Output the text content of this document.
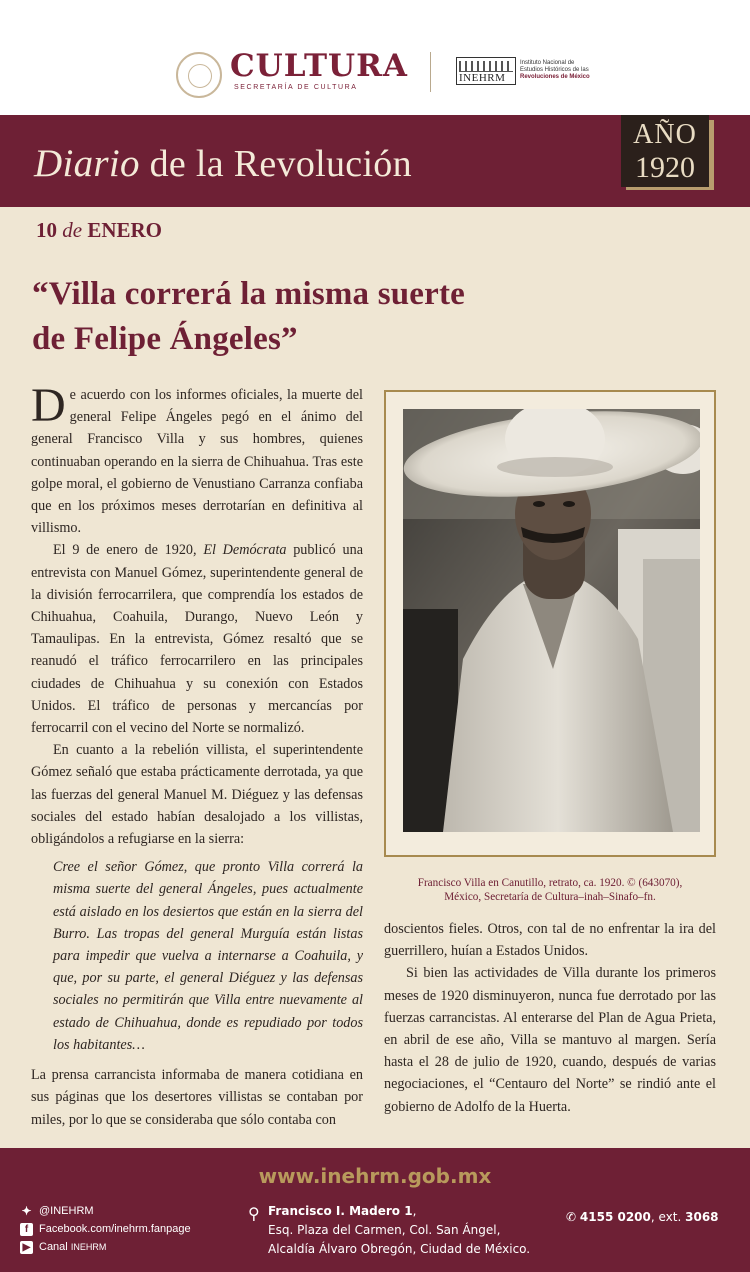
CULTURA
SECRETARÍA DE CULTURA
INEHRM
Instituto Nacional de
Estudios Históricos de las
Revoluciones de México
Diario de la Revolución
AÑO
1920
10 de ENERO
“Villa correrá la misma suerte
de Felipe Ángeles”

De acuerdo con los informes oficiales, la muerte del general Felipe Ángeles pegó en el ánimo del general Francisco Villa y sus hombres, quienes continuaban operando en la sierra de Chihuahua. Tras este golpe moral, el gobierno de Venustiano Carranza confiaba que en los próximos meses derrotarían en definitiva al villismo.

El 9 de enero de 1920, El Demócrata publicó una entrevista con Manuel Gómez, superintendente general de la división ferrocarrilera, que comprendía los estados de Chihuahua, Coahuila, Durango, Nuevo León y Tamaulipas. En la entrevista, Gómez resaltó que se reanudó el tráfico ferrocarrilero en las principales ciudades de Chihuahua y su conexión con Estados Unidos. El tráfico de personas y mercancías por ferrocarril con el vecino del Norte se normalizó.

En cuanto a la rebelión villista, el superintendente Gómez señaló que estaba prácticamente derrotada, ya que las fuerzas del general Manuel M. Diéguez y las defensas sociales del estado habían desalojado a los villistas, obligándolos a refugiarse en la sierra:

Cree el señor Gómez, que pronto Villa correrá la misma suerte del general Ángeles, pues actualmente está aislado en los desiertos que están en la sierra del Burro. Las tropas del general Murguía están listas para impedir que vuelva a internarse a Coahuila, y que, por su parte, el general Diéguez y las defensas sociales no permitirán que Villa entre nuevamente al estado de Chihuahua, donde es repudiado por todos los habitantes…

La prensa carrancista informaba de manera cotidiana en sus páginas que los desertores villistas se contaban por miles, por lo que se consideraba que sólo contaba con

Francisco Villa en Canutillo, retrato, ca. 1920. © (643070),
México, Secretaría de Cultura–inah–Sinafo–fn.

doscientos fieles. Otros, con tal de no enfrentar la ira del guerrillero, huían a Estados Unidos.

Si bien las actividades de Villa durante los primeros meses de 1920 disminuyeron, nunca fue derrotado por las fuerzas carrancistas. Al enterarse del Plan de Agua Prieta, en abril de ese año, Villa se mantuvo al margen. Sería hasta el 28 de julio de 1920, cuando, después de varias negociaciones, el “Centauro del Norte” se rindió ante el gobierno de Adolfo de la Huerta.

www.inehrm.gob.mx
✦ @INEHRM
f Facebook.com/inehrm.fanpage
▶ Canal
INEHRM
⚲ Francisco I. Madero 1,
Esq. Plaza del Carmen, Col. San Ángel,
Alcaldía Álvaro Obregón, Ciudad de México.
✆ 4155 0200, ext. 3068
